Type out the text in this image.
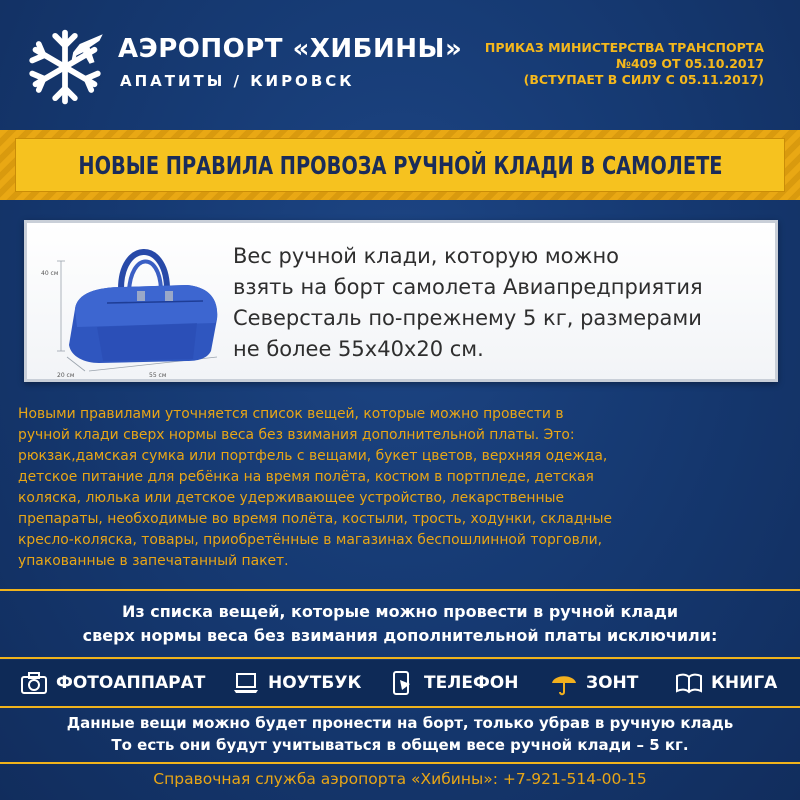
АЭРОПОРТ «ХИБИНЫ»
АПАТИТЫ / КИРОВСК
ПРИКАЗ МИНИСТЕРСТВА ТРАНСПОРТА
№409 ОТ 05.10.2017
(ВСТУПАЕТ В СИЛУ С 05.11.2017)
НОВЫЕ ПРАВИЛА ПРОВОЗА РУЧНОЙ КЛАДИ В САМОЛЕТЕ
40 см
20 см	55 см
Вес ручной клади, которую можно
взять на борт самолета Авиапредприятия
Северсталь по-прежнему 5 кг, размерами
не более 55х40х20 см.
Новыми правилами уточняется список вещей, которые можно провести в
ручной клади сверх нормы веса без взимания дополнительной платы. Это:
рюкзак,дамская сумка или портфель с вещами, букет цветов, верхняя одежда,
детское питание для ребёнка на время полёта, костюм в портпледе, детская
коляска, люлька или детское удерживающее устройство, лекарственные
препараты, необходимые во время полёта, костыли, трость, ходунки, складные
кресло-коляска, товары, приобретённые в магазинах беспошлинной торговли,
упакованные в запечатанный пакет.
Из списка вещей, которые можно провести в ручной клади
сверх нормы веса без взимания дополнительной платы исключили:
ФОТОАППАРАТ	НОУТБУК	ТЕЛЕФОН	ЗОНТ	КНИГА
Данные вещи можно будет пронести на борт, только убрав в ручную кладь
То есть они будут учитываться в общем весе ручной клади – 5 кг.
Справочная служба аэропорта «Хибины»: +7-921-514-00-15
